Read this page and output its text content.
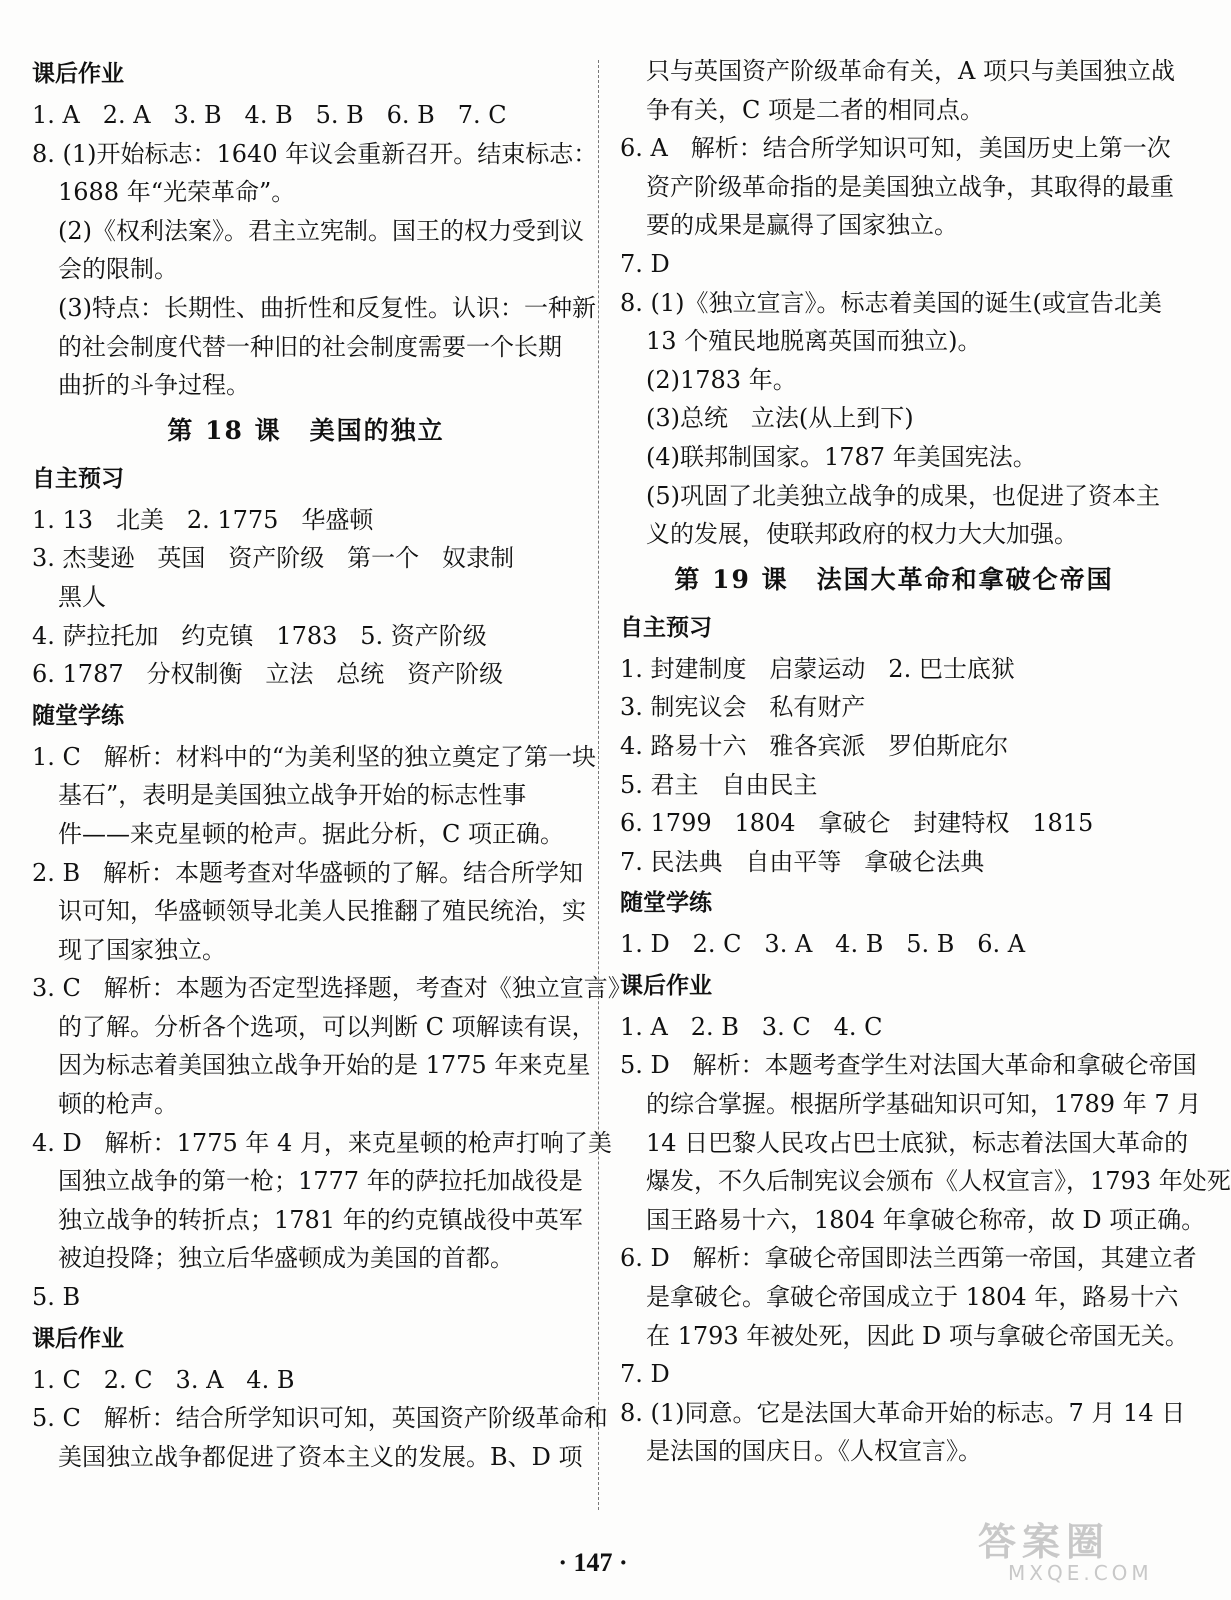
课后作业
1. A   2. A   3. B   4. B   5. B   6. B   7. C
8. (1)开始标志：1640 年议会重新召开。结束标志：
1688 年“光荣革命”。
(2)《权利法案》。君主立宪制。国王的权力受到议
会的限制。
(3)特点：长期性、曲折性和反复性。认识：一种新
的社会制度代替一种旧的社会制度需要一个长期
曲折的斗争过程。
第 18 课 美国的独立
自主预习
1. 13   北美   2. 1775   华盛顿
3. 杰斐逊   英国   资产阶级   第一个   奴隶制
黑人
4. 萨拉托加   约克镇   1783   5. 资产阶级
6. 1787   分权制衡   立法   总统   资产阶级
随堂学练
1. C   解析：材料中的“为美利坚的独立奠定了第一块
基石”，表明是美国独立战争开始的标志性事
件——来克星顿的枪声。据此分析，C 项正确。
2. B   解析：本题考查对华盛顿的了解。结合所学知
识可知，华盛顿领导北美人民推翻了殖民统治，实
现了国家独立。
3. C   解析：本题为否定型选择题，考查对《独立宣言》
的了解。分析各个选项，可以判断 C 项解读有误，
因为标志着美国独立战争开始的是 1775 年来克星
顿的枪声。
4. D   解析：1775 年 4 月，来克星顿的枪声打响了美
国独立战争的第一枪；1777 年的萨拉托加战役是
独立战争的转折点；1781 年的约克镇战役中英军
被迫投降；独立后华盛顿成为美国的首都。
5. B
课后作业
1. C   2. C   3. A   4. B
5. C   解析：结合所学知识可知，英国资产阶级革命和
美国独立战争都促进了资本主义的发展。B、D 项
只与英国资产阶级革命有关，A 项只与美国独立战
争有关，C 项是二者的相同点。
6. A   解析：结合所学知识可知，美国历史上第一次
资产阶级革命指的是美国独立战争，其取得的最重
要的成果是赢得了国家独立。
7. D
8. (1)《独立宣言》。标志着美国的诞生(或宣告北美
13 个殖民地脱离英国而独立)。
(2)1783 年。
(3)总统   立法(从上到下)
(4)联邦制国家。1787 年美国宪法。
(5)巩固了北美独立战争的成果，也促进了资本主
义的发展，使联邦政府的权力大大加强。
第 19 课 法国大革命和拿破仑帝国
自主预习
1. 封建制度   启蒙运动   2. 巴士底狱
3. 制宪议会   私有财产
4. 路易十六   雅各宾派   罗伯斯庇尔
5. 君主   自由民主
6. 1799   1804   拿破仑   封建特权   1815
7. 民法典   自由平等   拿破仑法典
随堂学练
1. D   2. C   3. A   4. B   5. B   6. A
课后作业
1. A   2. B   3. C   4. C
5. D   解析：本题考查学生对法国大革命和拿破仑帝国
的综合掌握。根据所学基础知识可知，1789 年 7 月
14 日巴黎人民攻占巴士底狱，标志着法国大革命的
爆发，不久后制宪议会颁布《人权宣言》，1793 年处死
国王路易十六，1804 年拿破仑称帝，故 D 项正确。
6. D   解析：拿破仑帝国即法兰西第一帝国，其建立者
是拿破仑。拿破仑帝国成立于 1804 年，路易十六
在 1793 年被处死，因此 D 项与拿破仑帝国无关。
7. D
8. (1)同意。它是法国大革命开始的标志。7 月 14 日
是法国的国庆日。《人权宣言》。
· 147 ·	答案圈
MXQE.COM
